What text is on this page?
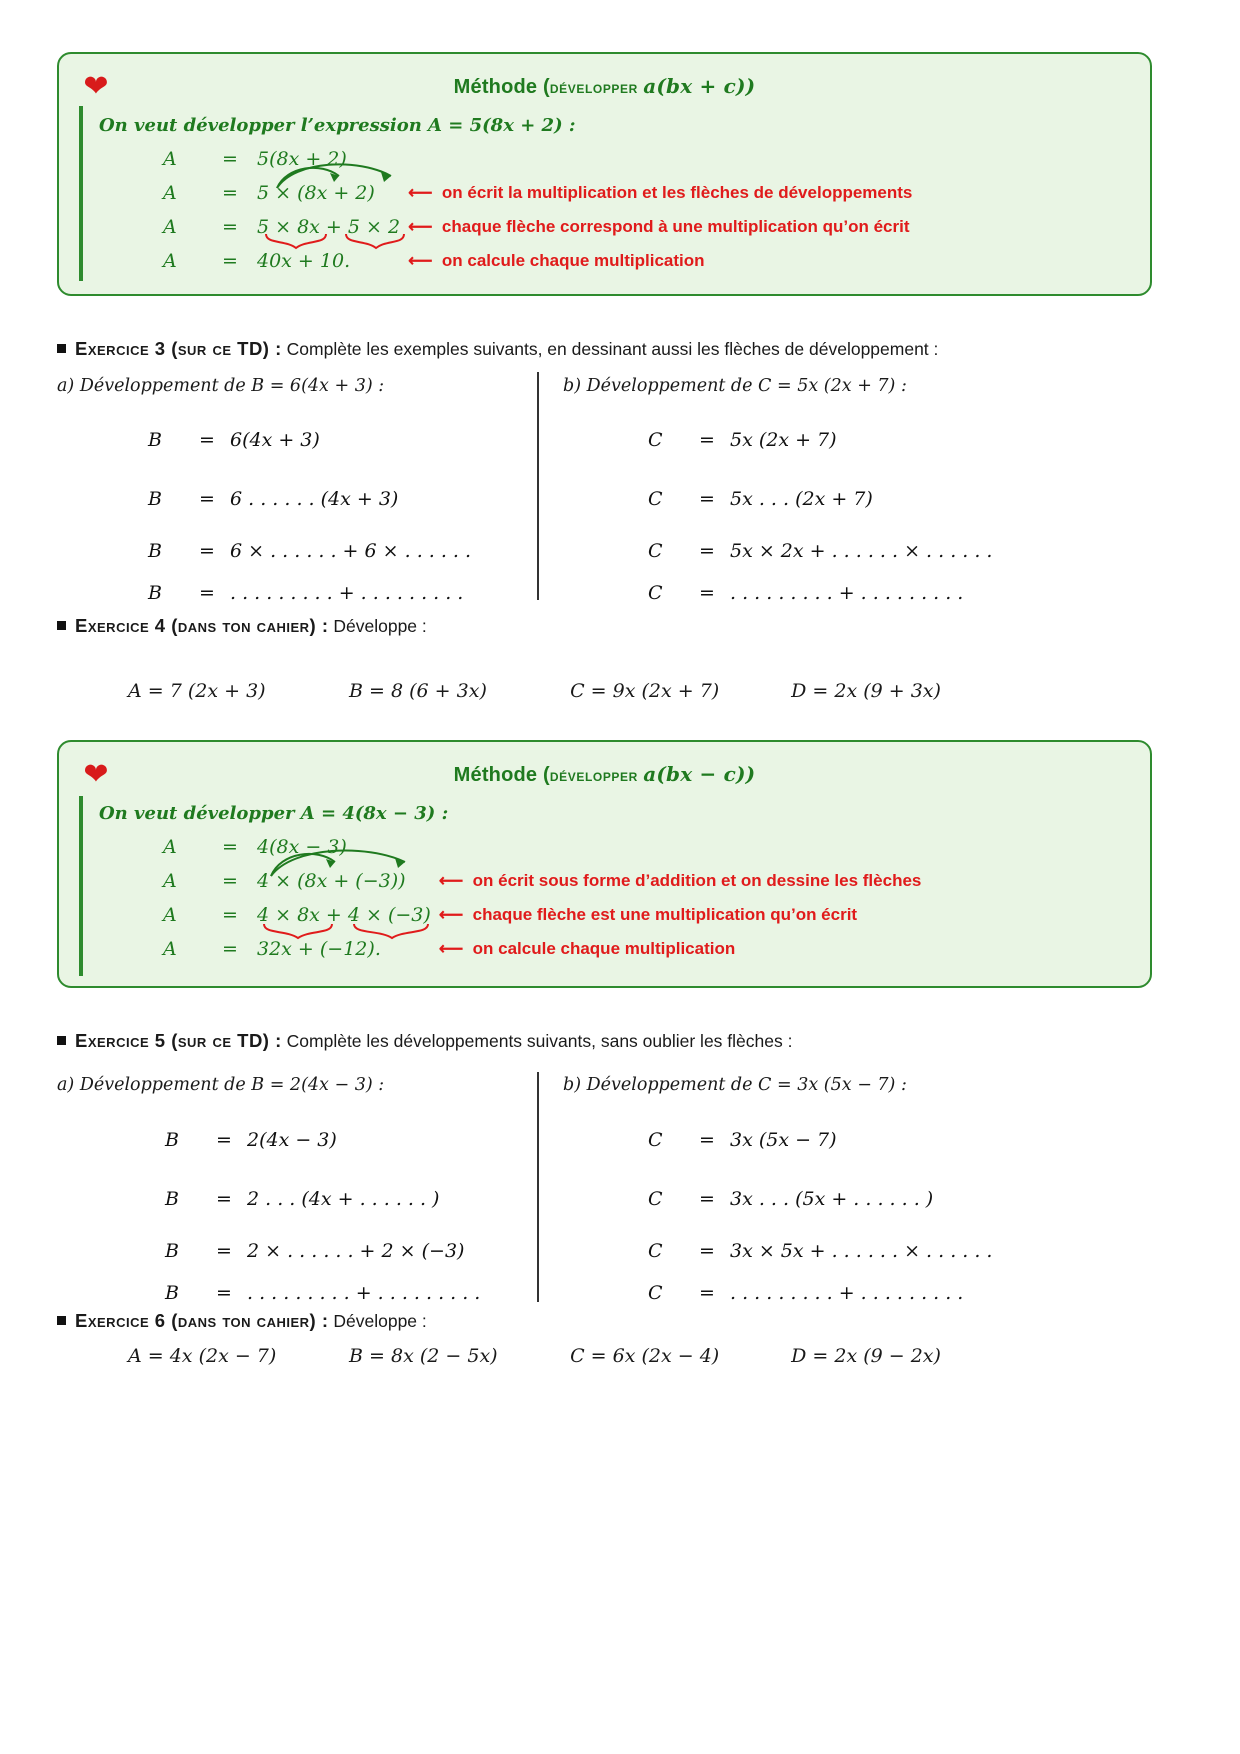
❤	Méthode (développer a(bx + c))
On veut développer l’expression A = 5(8x + 2) :
A	=	5(8x + 2)	
A	=	5 × (8x + 2)	⟵  on écrit la multiplication et les flèches de développements
A	=	5 × 8x + 5 × 2	⟵  chaque flèche correspond à une multiplication qu’on écrit
A	=	40x + 10.	⟵  on calcule chaque multiplication
Exercice 3 (sur ce TD) : Complète les exemples suivants, en dessinant aussi les flèches de développement :
a) Développement de B = 6(4x + 3) :	b) Développement de C = 5x (2x + 7) :
B	=	6(4x + 3)
B	=	6 . . . . . . (4x + 3)
B	=	6 × . . . . . . + 6 × . . . . . .
B	=	. . . . . . . . . + . . . . . . . . .
C	=	5x (2x + 7)
C	=	5x . . . (2x + 7)
C	=	5x × 2x + . . . . . . × . . . . . .
C	=	. . . . . . . . . + . . . . . . . . .
Exercice 4 (dans ton cahier) : Développe :
A = 7 (2x + 3)	B = 8 (6 + 3x)	C = 9x (2x + 7)	D = 2x (9 + 3x)
❤	Méthode (développer a(bx − c))
On veut développer A = 4(8x − 3) :
A	=	4(8x − 3)	
A	=	4 × (8x + (−3))	⟵  on écrit sous forme d’addition et on dessine les flèches
A	=	4 × 8x + 4 × (−3)	⟵  chaque flèche est une multiplication qu’on écrit
A	=	32x + (−12).	⟵  on calcule chaque multiplication
Exercice 5 (sur ce TD) : Complète les développements suivants, sans oublier les flèches :
a) Développement de B = 2(4x − 3) :	b) Développement de C = 3x (5x − 7) :
B	=	2(4x − 3)
B	=	2 . . . (4x + . . . . . . )
B	=	2 × . . . . . . + 2 × (−3)
B	=	. . . . . . . . . + . . . . . . . . .
C	=	3x (5x − 7)
C	=	3x . . . (5x + . . . . . . )
C	=	3x × 5x + . . . . . . × . . . . . .
C	=	. . . . . . . . . + . . . . . . . . .
Exercice 6 (dans ton cahier) : Développe :
A = 4x (2x − 7)	B = 8x (2 − 5x)	C = 6x (2x − 4)	D = 2x (9 − 2x)
